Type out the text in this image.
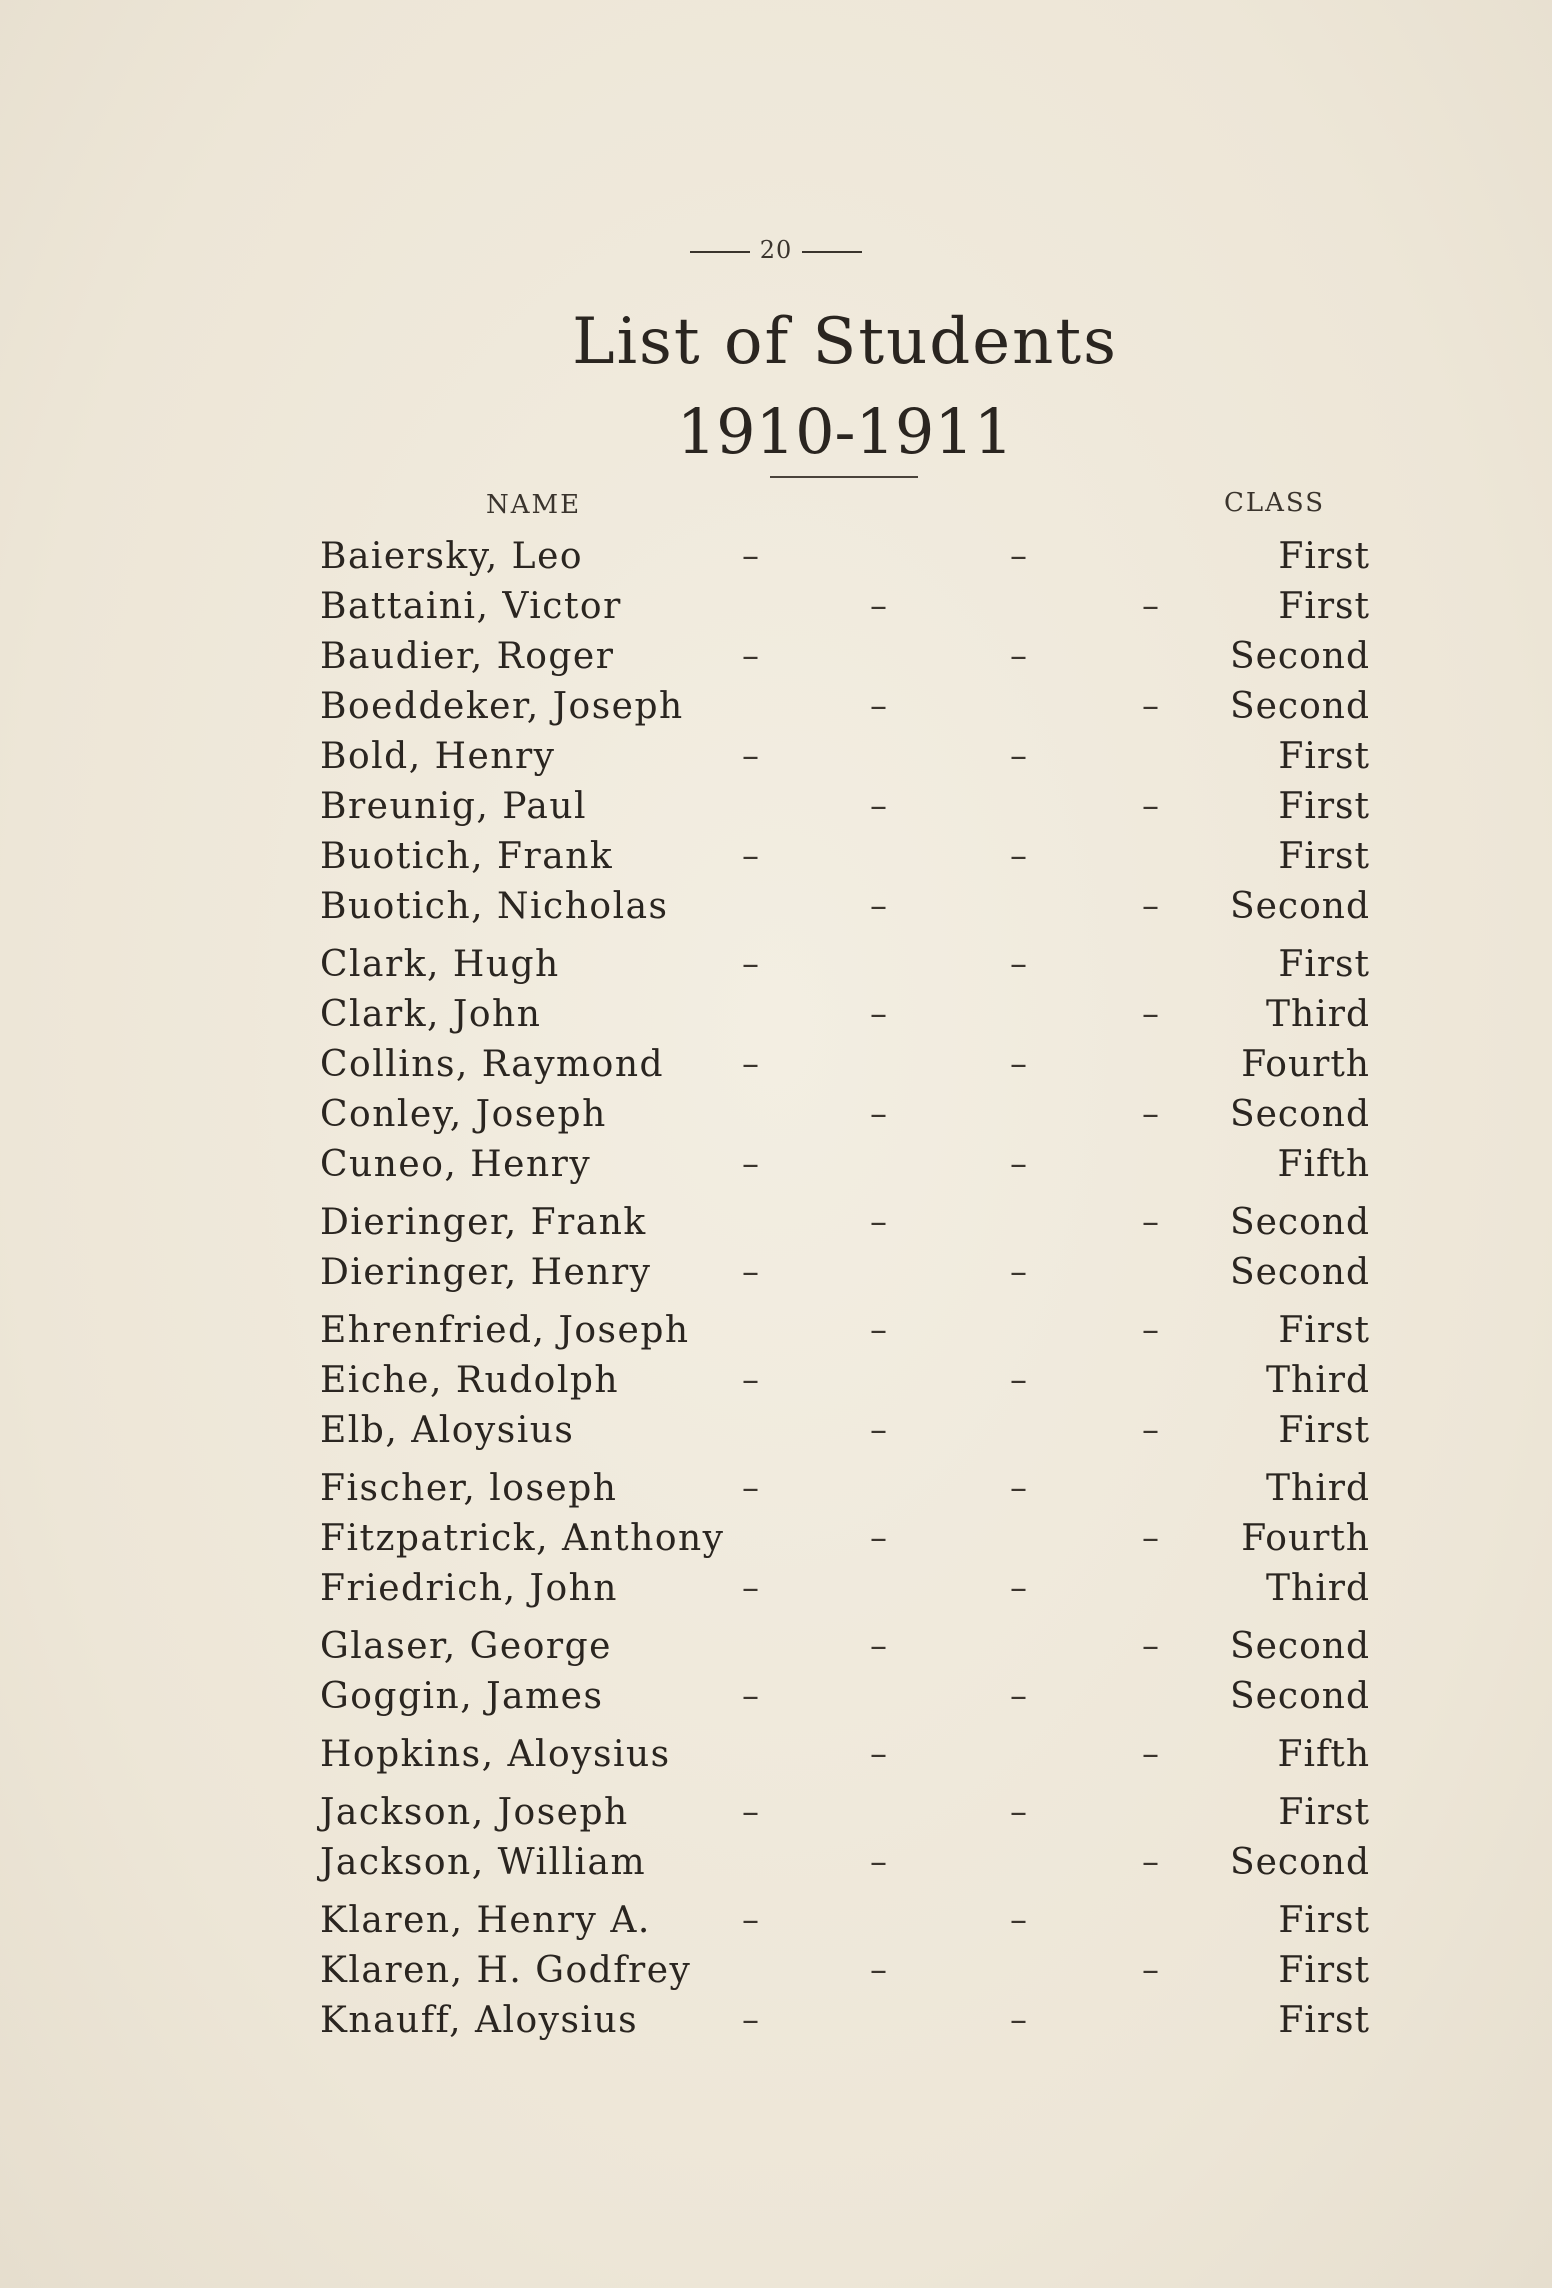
20
List of Students
1910-1911
NAME	CLASS
Baiersky, Leo	–	–	First
Battaini, Victor	–	–	First
Baudier, Roger	–	–	Second
Boeddeker, Joseph	–	– Second
Bold, Henry	–	–	First
Breunig, Paul	–	–	First
Buotich, Frank	–	–	First
Buotich, Nicholas	–	– Second
Clark, Hugh	–	–	First
Clark, John	–	–	Third
Collins, Raymond –	–	Fourth
Conley, Joseph	–	– Second
Cuneo, Henry	–	–	Fifth
Dieringer, Frank	–	– Second
Dieringer, Henry	–	–	Second
Ehrenfried, Joseph	–	–	First
Eiche, Rudolph	–	–	Third
Elb, Aloysius	–	–	First
Fischer, loseph	–	–	Third
Fitzpatrick, Anthony	–	– Fourth
Friedrich, John	–	–	Third
Glaser, George	–	– Second
Goggin, James	–	–	Second
Hopkins, Aloysius	–	–	Fifth
Jackson, Joseph	–	–	First
Jackson, William	–	– Second
Klaren, Henry A.	–	–	First
Klaren, H. Godfrey	–	–	First
Knauff, Aloysius	–	–	First
